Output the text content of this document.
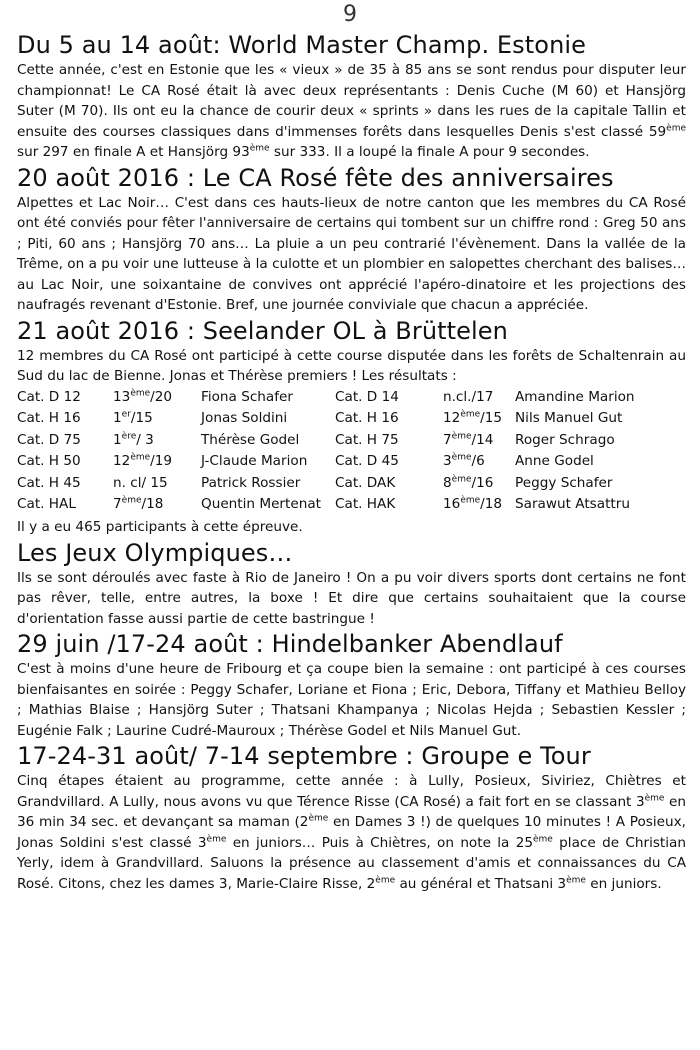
9
Du 5 au 14 août: World Master Champ. Estonie

Cette année, c'est en Estonie que les « vieux » de 35 à 85 ans se sont rendus pour disputer leur championnat! Le CA Rosé était là avec deux représentants : Denis Cuche (M 60) et Hansjörg Suter (M 70). Ils ont eu la chance de courir deux « sprints » dans les rues de la capitale Tallin et ensuite des courses classiques dans d'immenses forêts dans lesquelles Denis s'est classé 59ème sur 297 en finale A et Hansjörg 93ème sur 333. Il a loupé la finale A pour 9 secondes.

20 août 2016 : Le CA Rosé fête des anniversaires

Alpettes et Lac Noir… C'est dans ces hauts-lieux de notre canton que les membres du CA Rosé ont été conviés pour fêter l'anniversaire de certains qui tombent sur un chiffre rond : Greg 50 ans ; Piti, 60 ans ; Hansjörg 70 ans… La pluie a un peu contrarié l'évènement. Dans la vallée de la Trême, on a pu voir une lutteuse à la culotte et un plombier en salopettes cherchant des balises… au Lac Noir, une soixantaine de convives ont apprécié l'apéro-dinatoire et les projections des naufragés revenant d'Estonie. Bref, une journée conviviale que chacun a appréciée.

21 août 2016 : Seelander OL à Brüttelen

12 membres du CA Rosé ont participé à cette course disputée dans les forêts de Schaltenrain au Sud du lac de Bienne. Jonas et Thérèse premiers ! Les résultats :

Cat. D 12	13ème/20	Fiona Schafer	Cat. D 14	n.cl./17	Amandine Marion
Cat. H 16	1er/15	Jonas Soldini	Cat. H 16	12ème/15 Nils Manuel Gut
Cat. D 75	1ère/ 3	Thérèse Godel	Cat. H 75	7ème/14	Roger Schrago
Cat. H 50	12ème/19	J-Claude Marion	Cat. D 45	3ème/6	Anne Godel
Cat. H 45	n. cl/ 15	Patrick Rossier	Cat. DAK	8ème/16	Peggy Schafer
Cat. HAL	7ème/18	Quentin Mertenat	Cat. HAK	16ème/18 Sarawut Atsattru

Il y a eu 465 participants à cette épreuve.

Les Jeux Olympiques…

Ils se sont déroulés avec faste à Rio de Janeiro ! On a pu voir divers sports dont certains ne font pas rêver, telle, entre autres, la boxe ! Et dire que certains souhaitaient que la course d'orientation fasse aussi partie de cette bastringue !

29 juin /17-24 août : Hindelbanker Abendlauf

C'est à moins d'une heure de Fribourg et ça coupe bien la semaine : ont participé à ces courses bienfaisantes en soirée : Peggy Schafer, Loriane et Fiona ; Eric, Debora, Tiffany et Mathieu Belloy ; Mathias Blaise ; Hansjörg Suter ; Thatsani Khampanya ; Nicolas Hejda ; Sebastien Kessler ; Eugénie Falk ; Laurine Cudré-Mauroux ; Thérèse Godel et Nils Manuel Gut.

17-24-31 août/ 7-14 septembre : Groupe e Tour

Cinq étapes étaient au programme, cette année : à Lully, Posieux, Siviriez, Chiètres et Grandvillard. A Lully, nous avons vu que Térence Risse (CA Rosé) a fait fort en se classant 3ème en 36 min 34 sec. et devançant sa maman (2ème en Dames 3 !) de quelques 10 minutes ! A Posieux, Jonas Soldini s'est classé 3ème en juniors… Puis à Chiètres, on note la 25ème place de Christian Yerly, idem à Grandvillard. Saluons la présence au classement d'amis et connaissances du CA Rosé. Citons, chez les dames 3, Marie-Claire Risse, 2ème au général et Thatsani 3ème en juniors.
